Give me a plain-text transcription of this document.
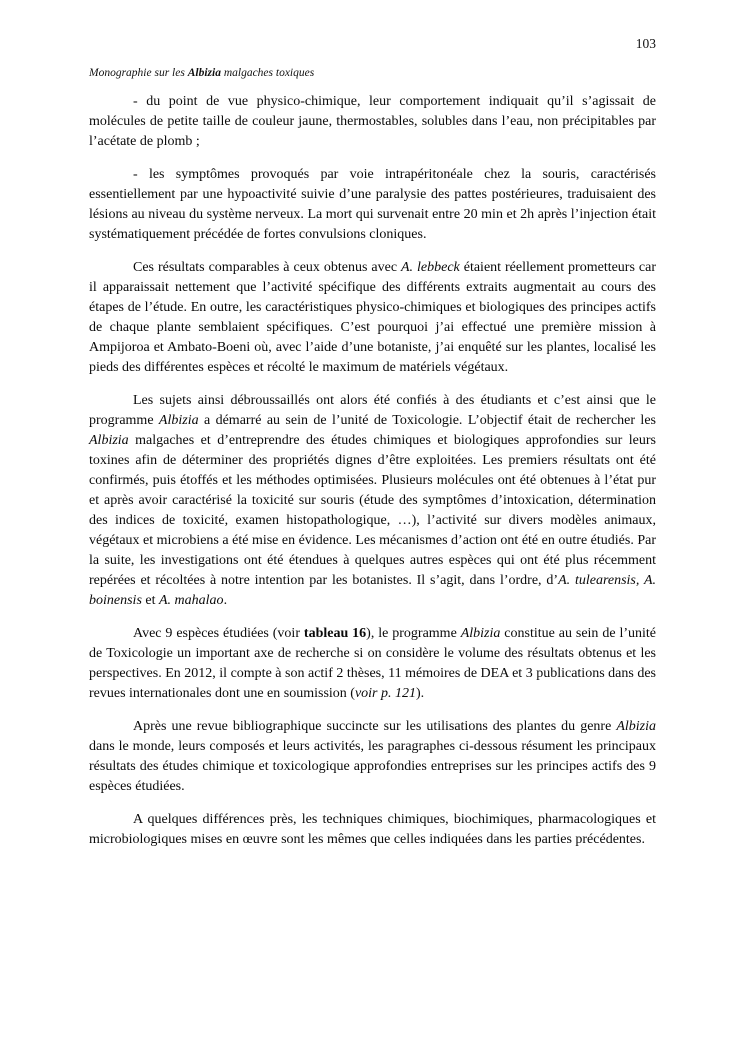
103
Monographie sur les Albizia malgaches toxiques

- du point de vue physico-chimique, leur comportement indiquait qu’il s’agissait de molécules de petite taille de couleur jaune, thermostables, solubles dans l’eau, non précipitables par l’acétate de plomb ;

- les symptômes provoqués par voie intrapéritonéale chez la souris, caractérisés essentiellement par une hypoactivité suivie d’une paralysie des pattes postérieures, traduisaient des lésions au niveau du système nerveux. La mort qui survenait entre 20 min et 2h après l’injection était systématiquement précédée de fortes convulsions cloniques.

Ces résultats comparables à ceux obtenus avec A. lebbeck étaient réellement prometteurs car il apparaissait nettement que l’activité spécifique des différents extraits augmentait au cours des étapes de l’étude. En outre, les caractéristiques physico-chimiques et biologiques des principes actifs de chaque plante semblaient spécifiques. C’est pourquoi j’ai effectué une première mission à Ampijoroa et Ambato-Boeni où, avec l’aide d’une botaniste, j’ai enquêté sur les plantes, localisé les pieds des différentes espèces et récolté le maximum de matériels végétaux.

Les sujets ainsi débroussaillés ont alors été confiés à des étudiants et c’est ainsi que le programme Albizia a démarré au sein de l’unité de Toxicologie. L’objectif était de rechercher les Albizia malgaches et d’entreprendre des études chimiques et biologiques approfondies sur leurs toxines afin de déterminer des propriétés dignes d’être exploitées. Les premiers résultats ont été confirmés, puis étoffés et les méthodes optimisées. Plusieurs molécules ont été obtenues à l’état pur et après avoir caractérisé la toxicité sur souris (étude des symptômes d’intoxication, détermination des indices de toxicité, examen histopathologique, …), l’activité sur divers modèles animaux, végétaux et microbiens a été mise en évidence. Les mécanismes d’action ont été en outre étudiés. Par la suite, les investigations ont été étendues à quelques autres espèces qui ont été plus récemment repérées et récoltées à notre intention par les botanistes. Il s’agit, dans l’ordre, d’A. tulearensis, A. boinensis et A. mahalao.

Avec 9 espèces étudiées (voir tableau 16), le programme Albizia constitue au sein de l’unité de Toxicologie un important axe de recherche si on considère le volume des résultats obtenus et les perspectives. En 2012, il compte à son actif 2 thèses, 11 mémoires de DEA et 3 publications dans des revues internationales dont une en soumission (voir p. 121).

Après une revue bibliographique succincte sur les utilisations des plantes du genre Albizia dans le monde, leurs composés et leurs activités, les paragraphes ci-dessous résument les principaux résultats des études chimique et toxicologique approfondies entreprises sur les principes actifs des 9 espèces étudiées.

A quelques différences près, les techniques chimiques, biochimiques, pharmacologiques et microbiologiques mises en œuvre sont les mêmes que celles indiquées dans les parties précédentes.
